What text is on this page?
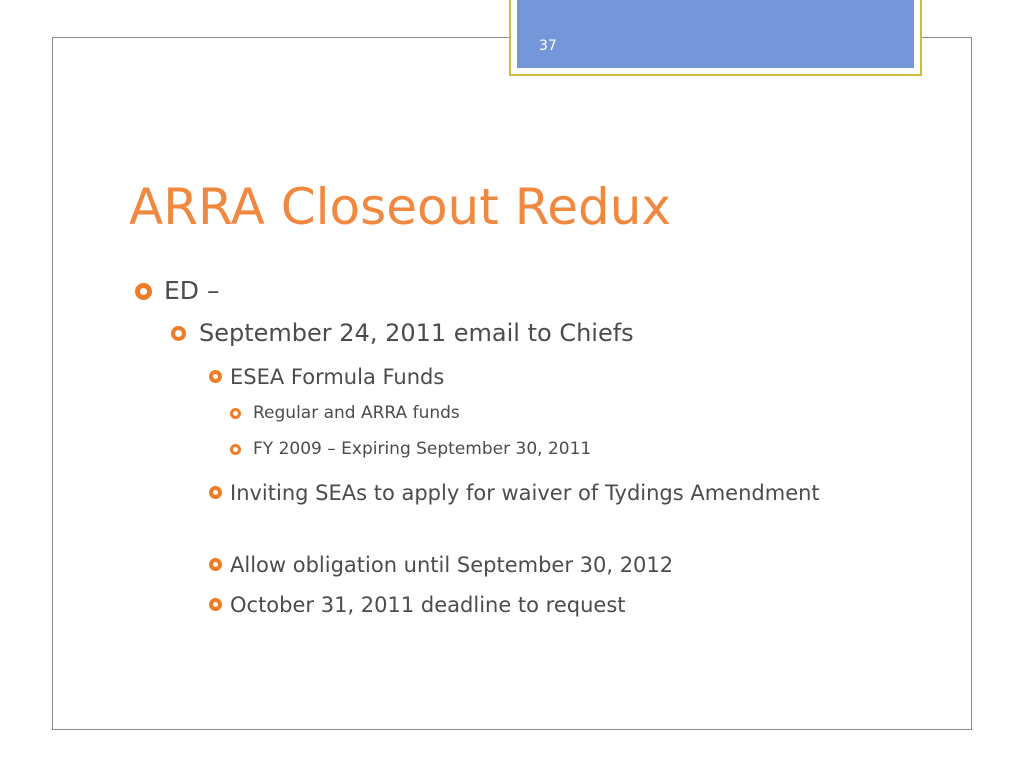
37
ARRA Closeout Redux
ED –
September 24, 2011 email to Chiefs
ESEA Formula Funds
Regular and ARRA funds
FY 2009 – Expiring September 30, 2011
Inviting SEAs to apply for waiver of Tydings Amendment
Allow obligation until September 30, 2012
October 31, 2011 deadline to request
